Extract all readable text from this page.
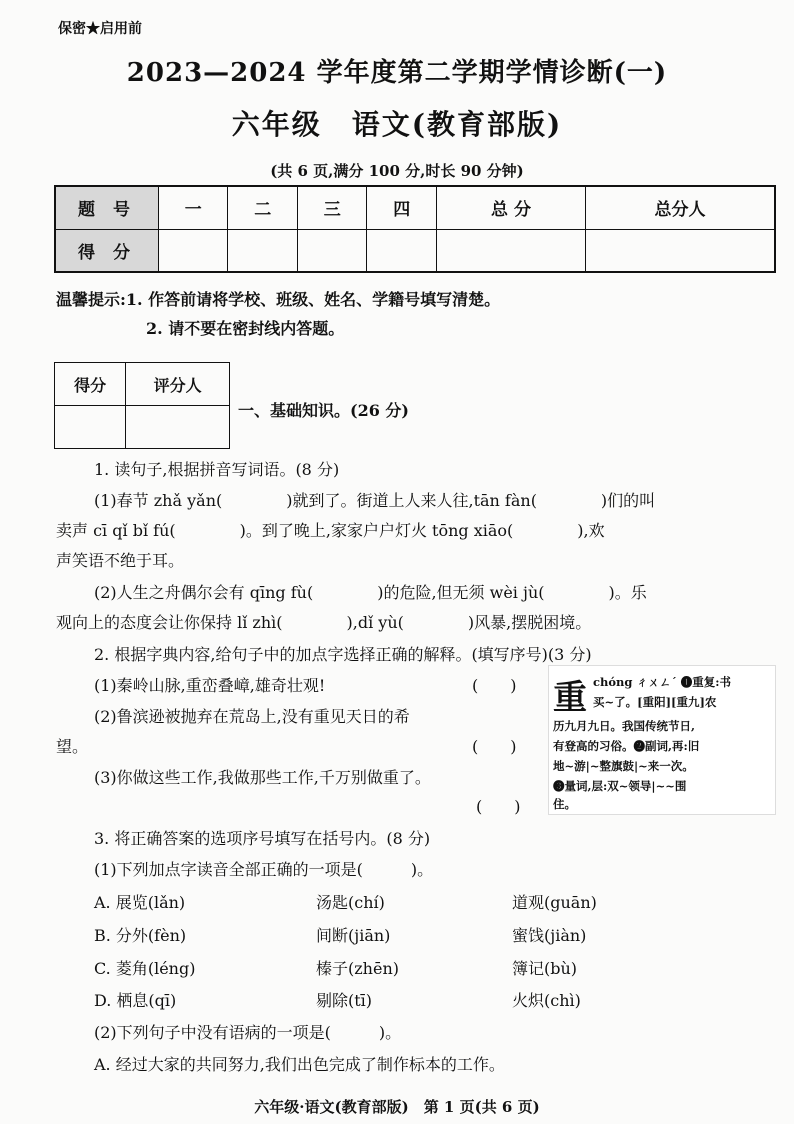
保密★启用前
2023—2024 学年度第二学期学情诊断(一)
六年级　语文(教育部版)
(共 6 页,满分 100 分,时长 90 分钟)
题 号	一	二	三	四	总 分	总分人
得 分						
温馨提示:1. 作答前请将学校、班级、姓名、学籍号填写清楚。
2. 请不要在密封线内答题。
得分	评分人

一、基础知识。(26 分)
1. 读句子,根据拼音写词语。(8 分)
(1)春节 zhǎ yǎn(　　　　)就到了。街道上人来人往,tān fàn(　　　　)们的叫
卖声 cī qǐ bǐ fú(　　　　)。到了晚上,家家户户灯火 tōng xiāo(　　　　),欢
声笑语不绝于耳。
(2)人生之舟偶尔会有 qīng fù(　　　　)的危险,但无须 wèi jù(　　　　)。乐
观向上的态度会让你保持 lǐ zhì(　　　　),dǐ yù(　　　　)风暴,摆脱困境。
2. 根据字典内容,给句子中的加点字选择正确的解释。(填写序号)(3 分)
(1)秦岭山脉,重峦叠嶂,雄奇壮观!	(　　)
(2)鲁滨逊被抛弃在荒岛上,没有重见天日的希
望。	(　　)
(3)你做这些工作,我做那些工作,千万别做重了。
(　　)
重 chóng ㄔㄨㄥˊ ❶重复:书
买~了。[重阳][重九]农
历九月九日。我国传统节日,
有登高的习俗。❷副词,再:旧
地~游|~整旗鼓|~来一次。
❸量词,层:双~领导|~~围
住。
3. 将正确答案的选项序号填写在括号内。(8 分)
(1)下列加点字读音全部正确的一项是(　　　)。
A. 展览(lǎn)	汤匙(chí)	道观(guān)
B. 分外(fèn)	间断(jiān)	蜜饯(jiàn)
C. 菱角(léng)	榛子(zhēn)	簿记(bù)
D. 栖息(qī)	剔除(tī)	火炽(chì)
(2)下列句子中没有语病的一项是(　　　)。
A. 经过大家的共同努力,我们出色完成了制作标本的工作。
六年级·语文(教育部版)　第 1 页(共 6 页)
